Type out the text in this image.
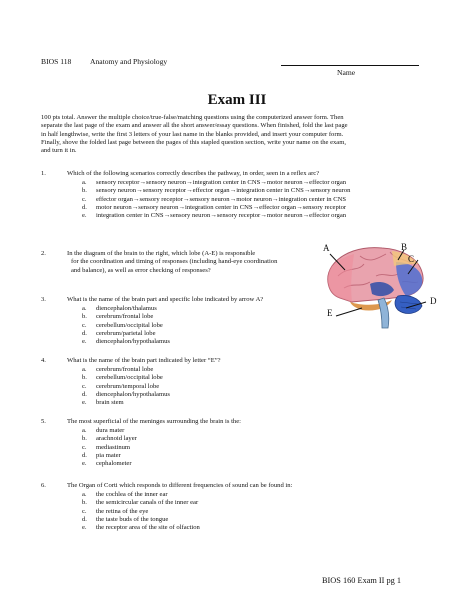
BIOS 118 Anatomy and Physiology
Name
Exam III
100 pts total. Answer the multiple choice/true-false/matching questions using the computerized answer form. Then
separate the last page of the exam and answer all the short answer/essay questions. When finished, fold the last page
in half lengthwise, write the first 3 letters of your last name in the blanks provided, and insert your computer form.
Finally, shove the folded last page between the pages of this stapled question section, write your name on the exam,
and turn it in.
1.	Which of the following scenarios correctly describes the pathway, in order, seen in a reflex arc?
a. sensory receptor→sensory neuron→integration center in CNS→motor neuron→effector organ
b. sensory neuron→sensory receptor→effector organ→integration center in CNS→sensory neuron
c. effector organ→sensory receptor→sensory neuron→motor neuron→integration center in CNS
d. motor neuron→sensory neuron→integration center in CNS→effector organ→sensory receptor
e. integration center in CNS→sensory neuron→sensory receptor→motor neuron→effector organ
2.	In the diagram of the brain to the right, which lobe (A-E) is responsible
for the coordination and timing of responses (including hand-eye coordination
and balance), as well as error checking of responses?
3.	What is the name of the brain part and specific lobe indicated by arrow A?
a. diencephalon/thalamus
b. cerebrum/frontal lobe
c. cerebellum/occipital lobe
d. cerebrum/parietal lobe
e. diencephalon/hypothalamus
4.	What is the name of the brain part indicated by letter “E”?
a. cerebrum/frontal lobe
b. cerebellum/occipital lobe
c. cerebrum/temporal lobe
d. diencephalon/hypothalamus
e. brain stem
5.	The most superficial of the meninges surrounding the brain is the:
a. dura mater
b. arachnoid layer
c. mediastinum
d. pia mater
e. cephalometer
6.	The Organ of Corti which responds to different frequencies of sound can be found in:
a. the cochlea of the inner ear
b. the semicircular canals of the inner ear
c. the retina of the eye
d. the taste buds of the tongue
e. the receptor area of the site of olfaction
A	B
C
D
E
BIOS 160 Exam II pg 1
